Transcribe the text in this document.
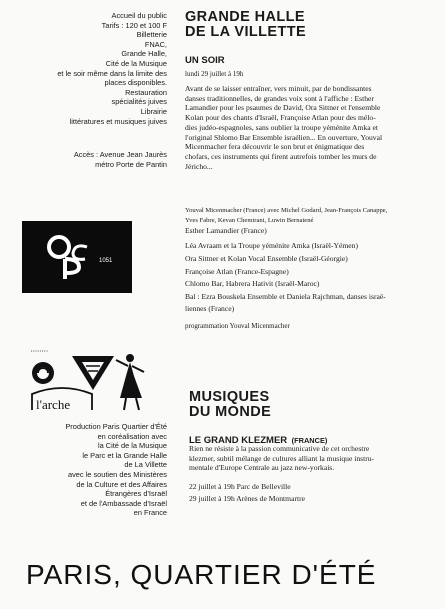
Accueil du public
Tarifs : 120 et 100 F
Billetterie
FNAC,
Grande Halle,
Cité de la Musique
et le soir même dans la limite des
places disponibles.
Restauration
spécialités juives
Librairie
littératures et musiques juives
Accès : Avenue Jean Jaurès
métro Porte de Pantin
GRANDE HALLE
DE LA VILLETTE
UN SOIR
lundi 29 juillet à 19h
Avant de se laisser entraîner, vers minuit, par de bondissantes
danses traditionnelles, de grandes voix sont à l'affiche : Esther
Lamandier pour les psaumes de David, Ora Sittner et l'ensemble
Kolan pour des chants d'Israël, Françoise Atlan pour des mélo-
dies judéo-espagnoles, sans oublier la troupe yéménite Amka et
l'original Shlomo Bar Ensemble israélien... En ouverture, Youval
Micenmacher fera découvrir le son brut et énigmatique des
chofars, ces instruments qui firent autrefois tomber les murs de
Jéricho...
Youval Micenmacher (France) avec Michel Godard, Jean-François Canappe,
Yves Fabre, Kevan Chemirani, Luwin Bernatené
Esther Lamandier (France)
Léa Avraam et la Troupe yéménite Amka (Israël-Yémen)
Ora Sittner et Kolan Vocal Ensemble (Israël-Géorgie)
Françoise Atlan (France-Espagne)
Chlomo Bar, Habrera Hativit (Israël-Maroc)
Bal : Ezra Bouskela Ensemble et Daniela Rajchman, danses israë-
liennes (France)
programmation Youval Micenmacher
1051
• • • • • • • •
l'arche
Production Paris Quartier d'Été
en coréalisation avec
la Cité de la Musique
le Parc et la Grande Halle
de La Villette
avec le soutien des Ministères
de la Culture et des Affaires
Étrangères d'Israël
et de l'Ambassade d'Israël
en France
MUSIQUES
DU MONDE
LE GRAND KLEZMER (FRANCE)
Rien ne résiste à la passion communicative de cet orchestre
klezmer, subtil mélange de cultures alliant la musique instru-
mentale d'Europe Centrale au jazz new-yorkais.
22 juillet à 19h Parc de Belleville
29 juillet à 19h Arènes de Montmartre
PARIS, QUARTIER D'ÉTÉ
